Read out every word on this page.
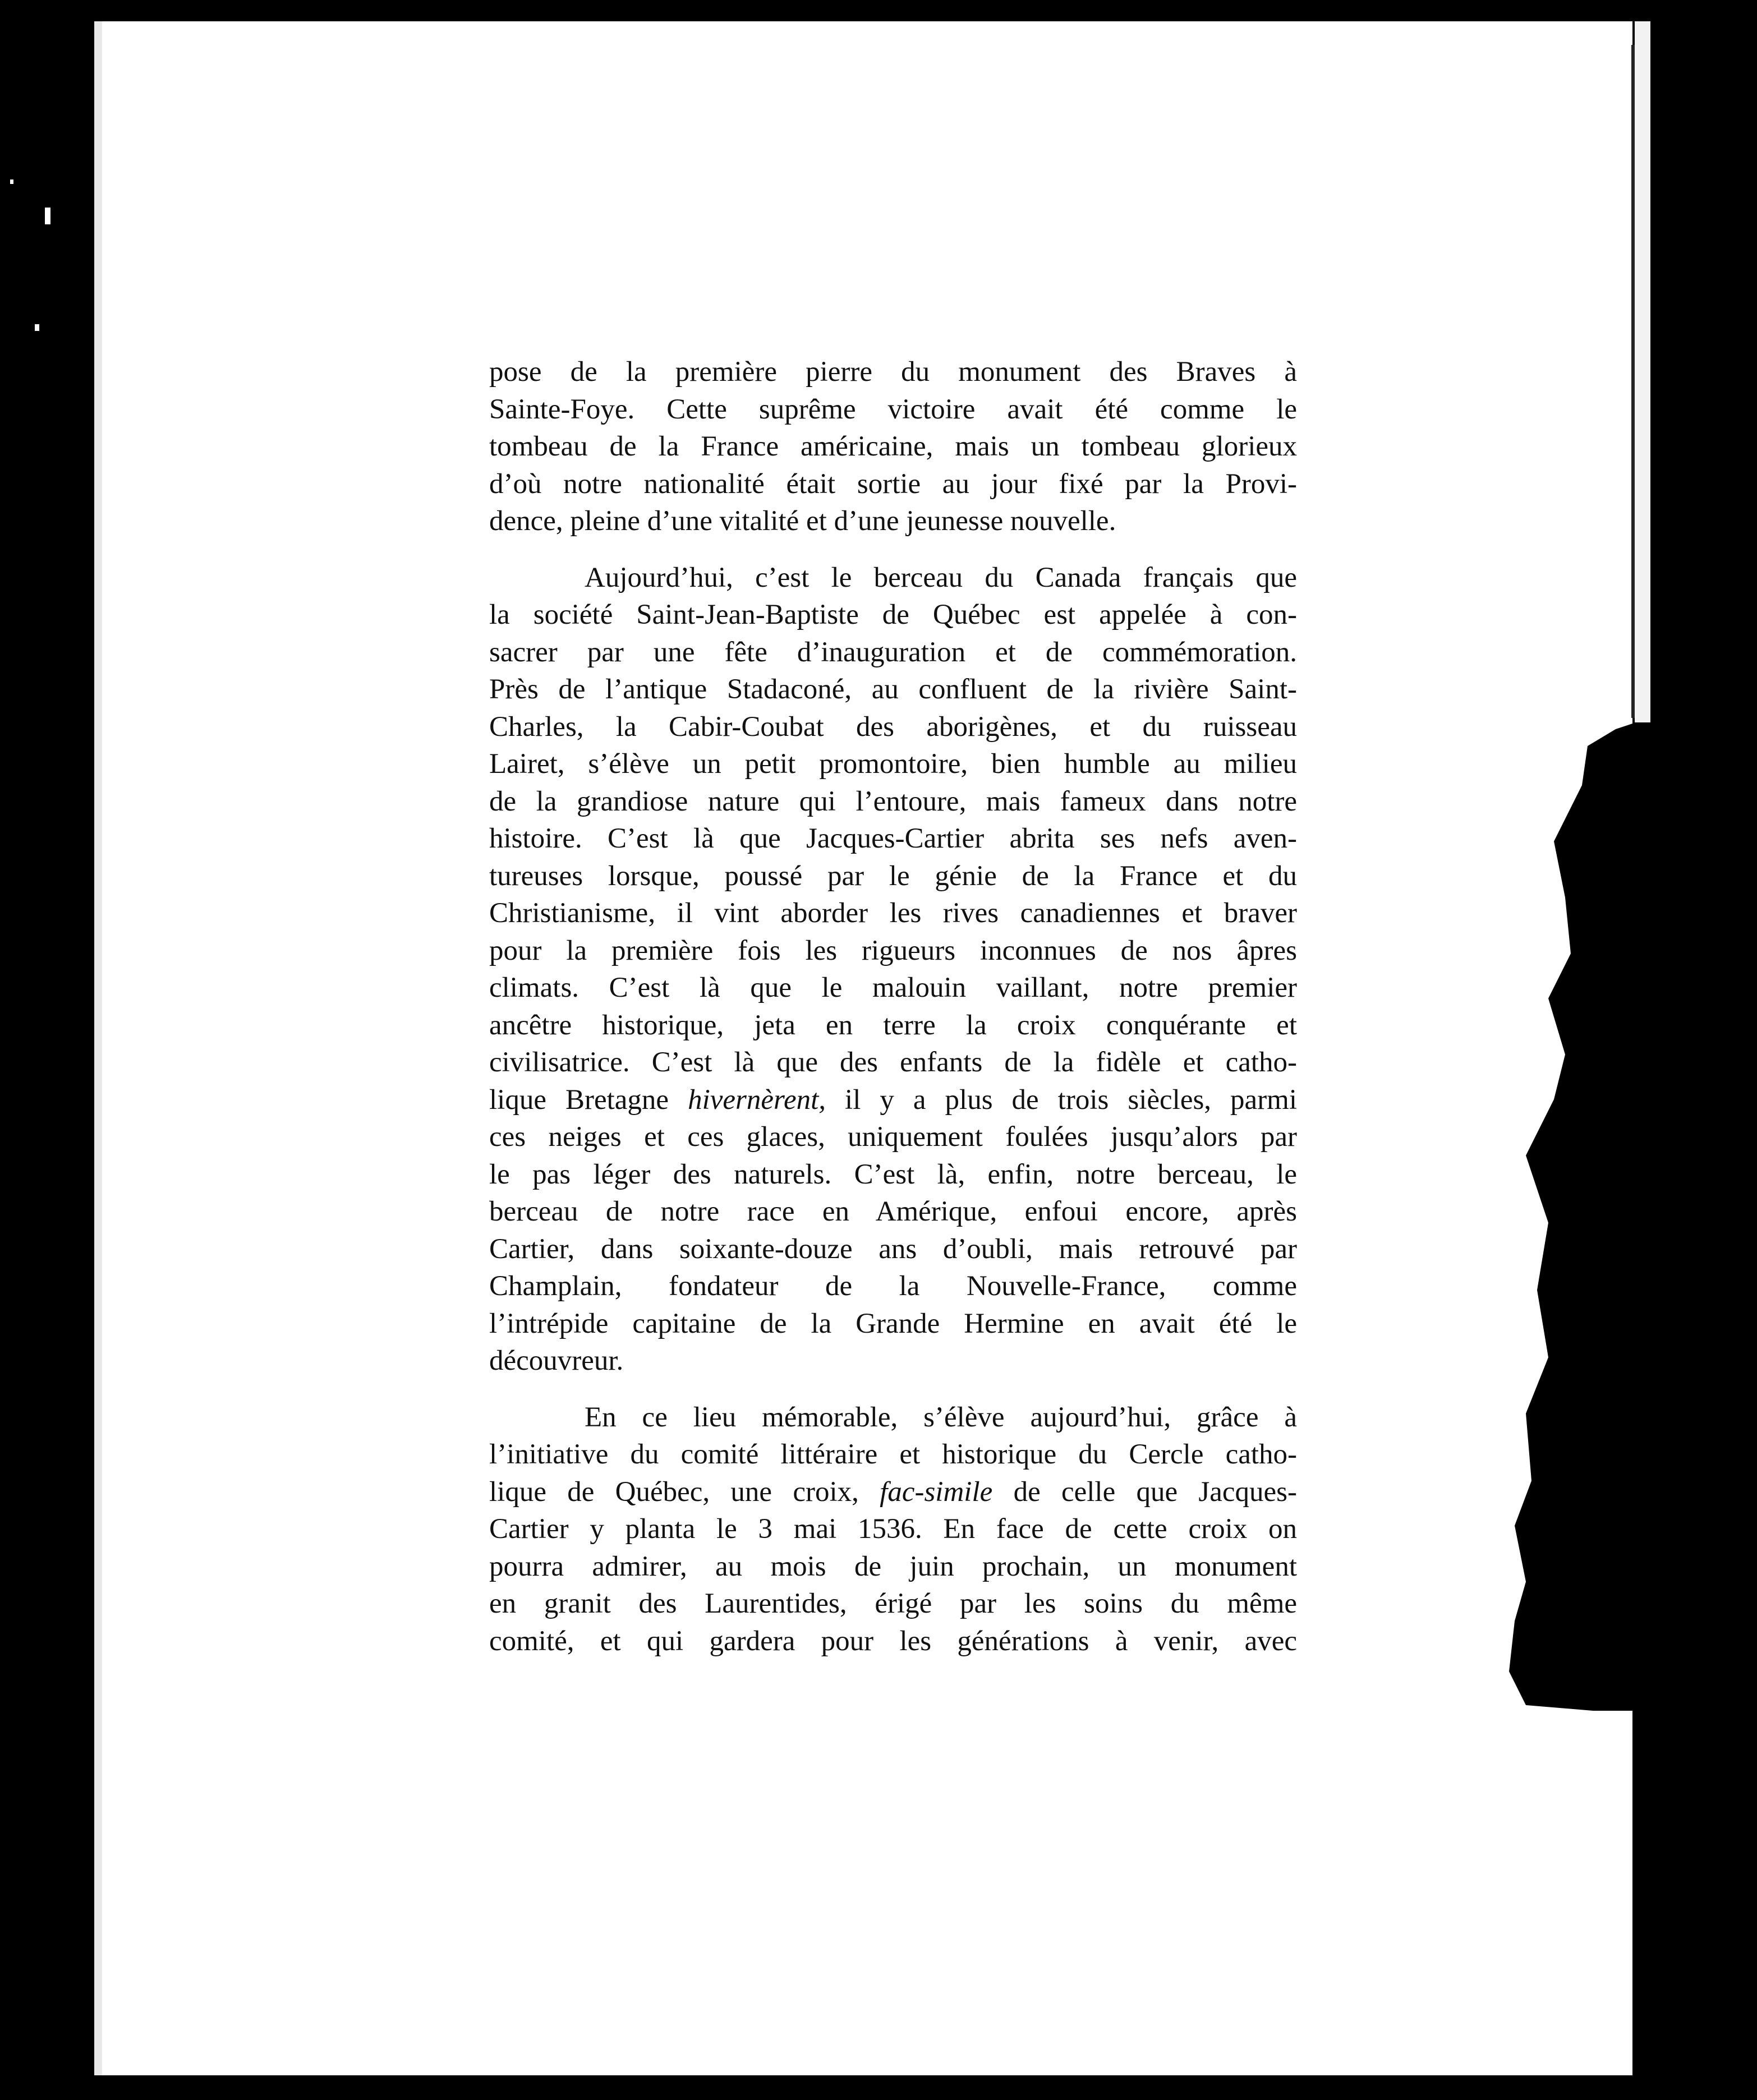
pose de la première pierre du monument des Braves à
Sainte-Foye. Cette suprême victoire avait été comme le
tombeau de la France américaine, mais un tombeau glorieux
d’où notre nationalité était sortie au jour fixé par la Provi-
dence, pleine d’une vitalité et d’une jeunesse nouvelle.
Aujourd’hui, c’est le berceau du Canada français que
la société Saint-Jean-Baptiste de Québec est appelée à con-
sacrer par une fête d’inauguration et de commémoration.
Près de l’antique Stadaconé, au confluent de la rivière Saint-
Charles, la Cabir-Coubat des aborigènes, et du ruisseau
Lairet, s’élève un petit promontoire, bien humble au milieu
de la grandiose nature qui l’entoure, mais fameux dans notre
histoire. C’est là que Jacques-Cartier abrita ses nefs aven-
tureuses lorsque, poussé par le génie de la France et du
Christianisme, il vint aborder les rives canadiennes et braver
pour la première fois les rigueurs inconnues de nos âpres
climats. C’est là que le malouin vaillant, notre premier
ancêtre historique, jeta en terre la croix conquérante et
civilisatrice. C’est là que des enfants de la fidèle et catho-
lique Bretagne hivernèrent, il y a plus de trois siècles, parmi
ces neiges et ces glaces, uniquement foulées jusqu’alors par
le pas léger des naturels. C’est là, enfin, notre berceau, le
berceau de notre race en Amérique, enfoui encore, après
Cartier, dans soixante-douze ans d’oubli, mais retrouvé par
Champlain, fondateur de la Nouvelle-France, comme
l’intrépide capitaine de la Grande Hermine en avait été le
découvreur.
En ce lieu mémorable, s’élève aujourd’hui, grâce à
l’initiative du comité littéraire et historique du Cercle catho-
lique de Québec, une croix, fac-simile de celle que Jacques-
Cartier y planta le 3 mai 1536. En face de cette croix on
pourra admirer, au mois de juin prochain, un monument
en granit des Laurentides, érigé par les soins du même
comité, et qui gardera pour les générations à venir, avec
